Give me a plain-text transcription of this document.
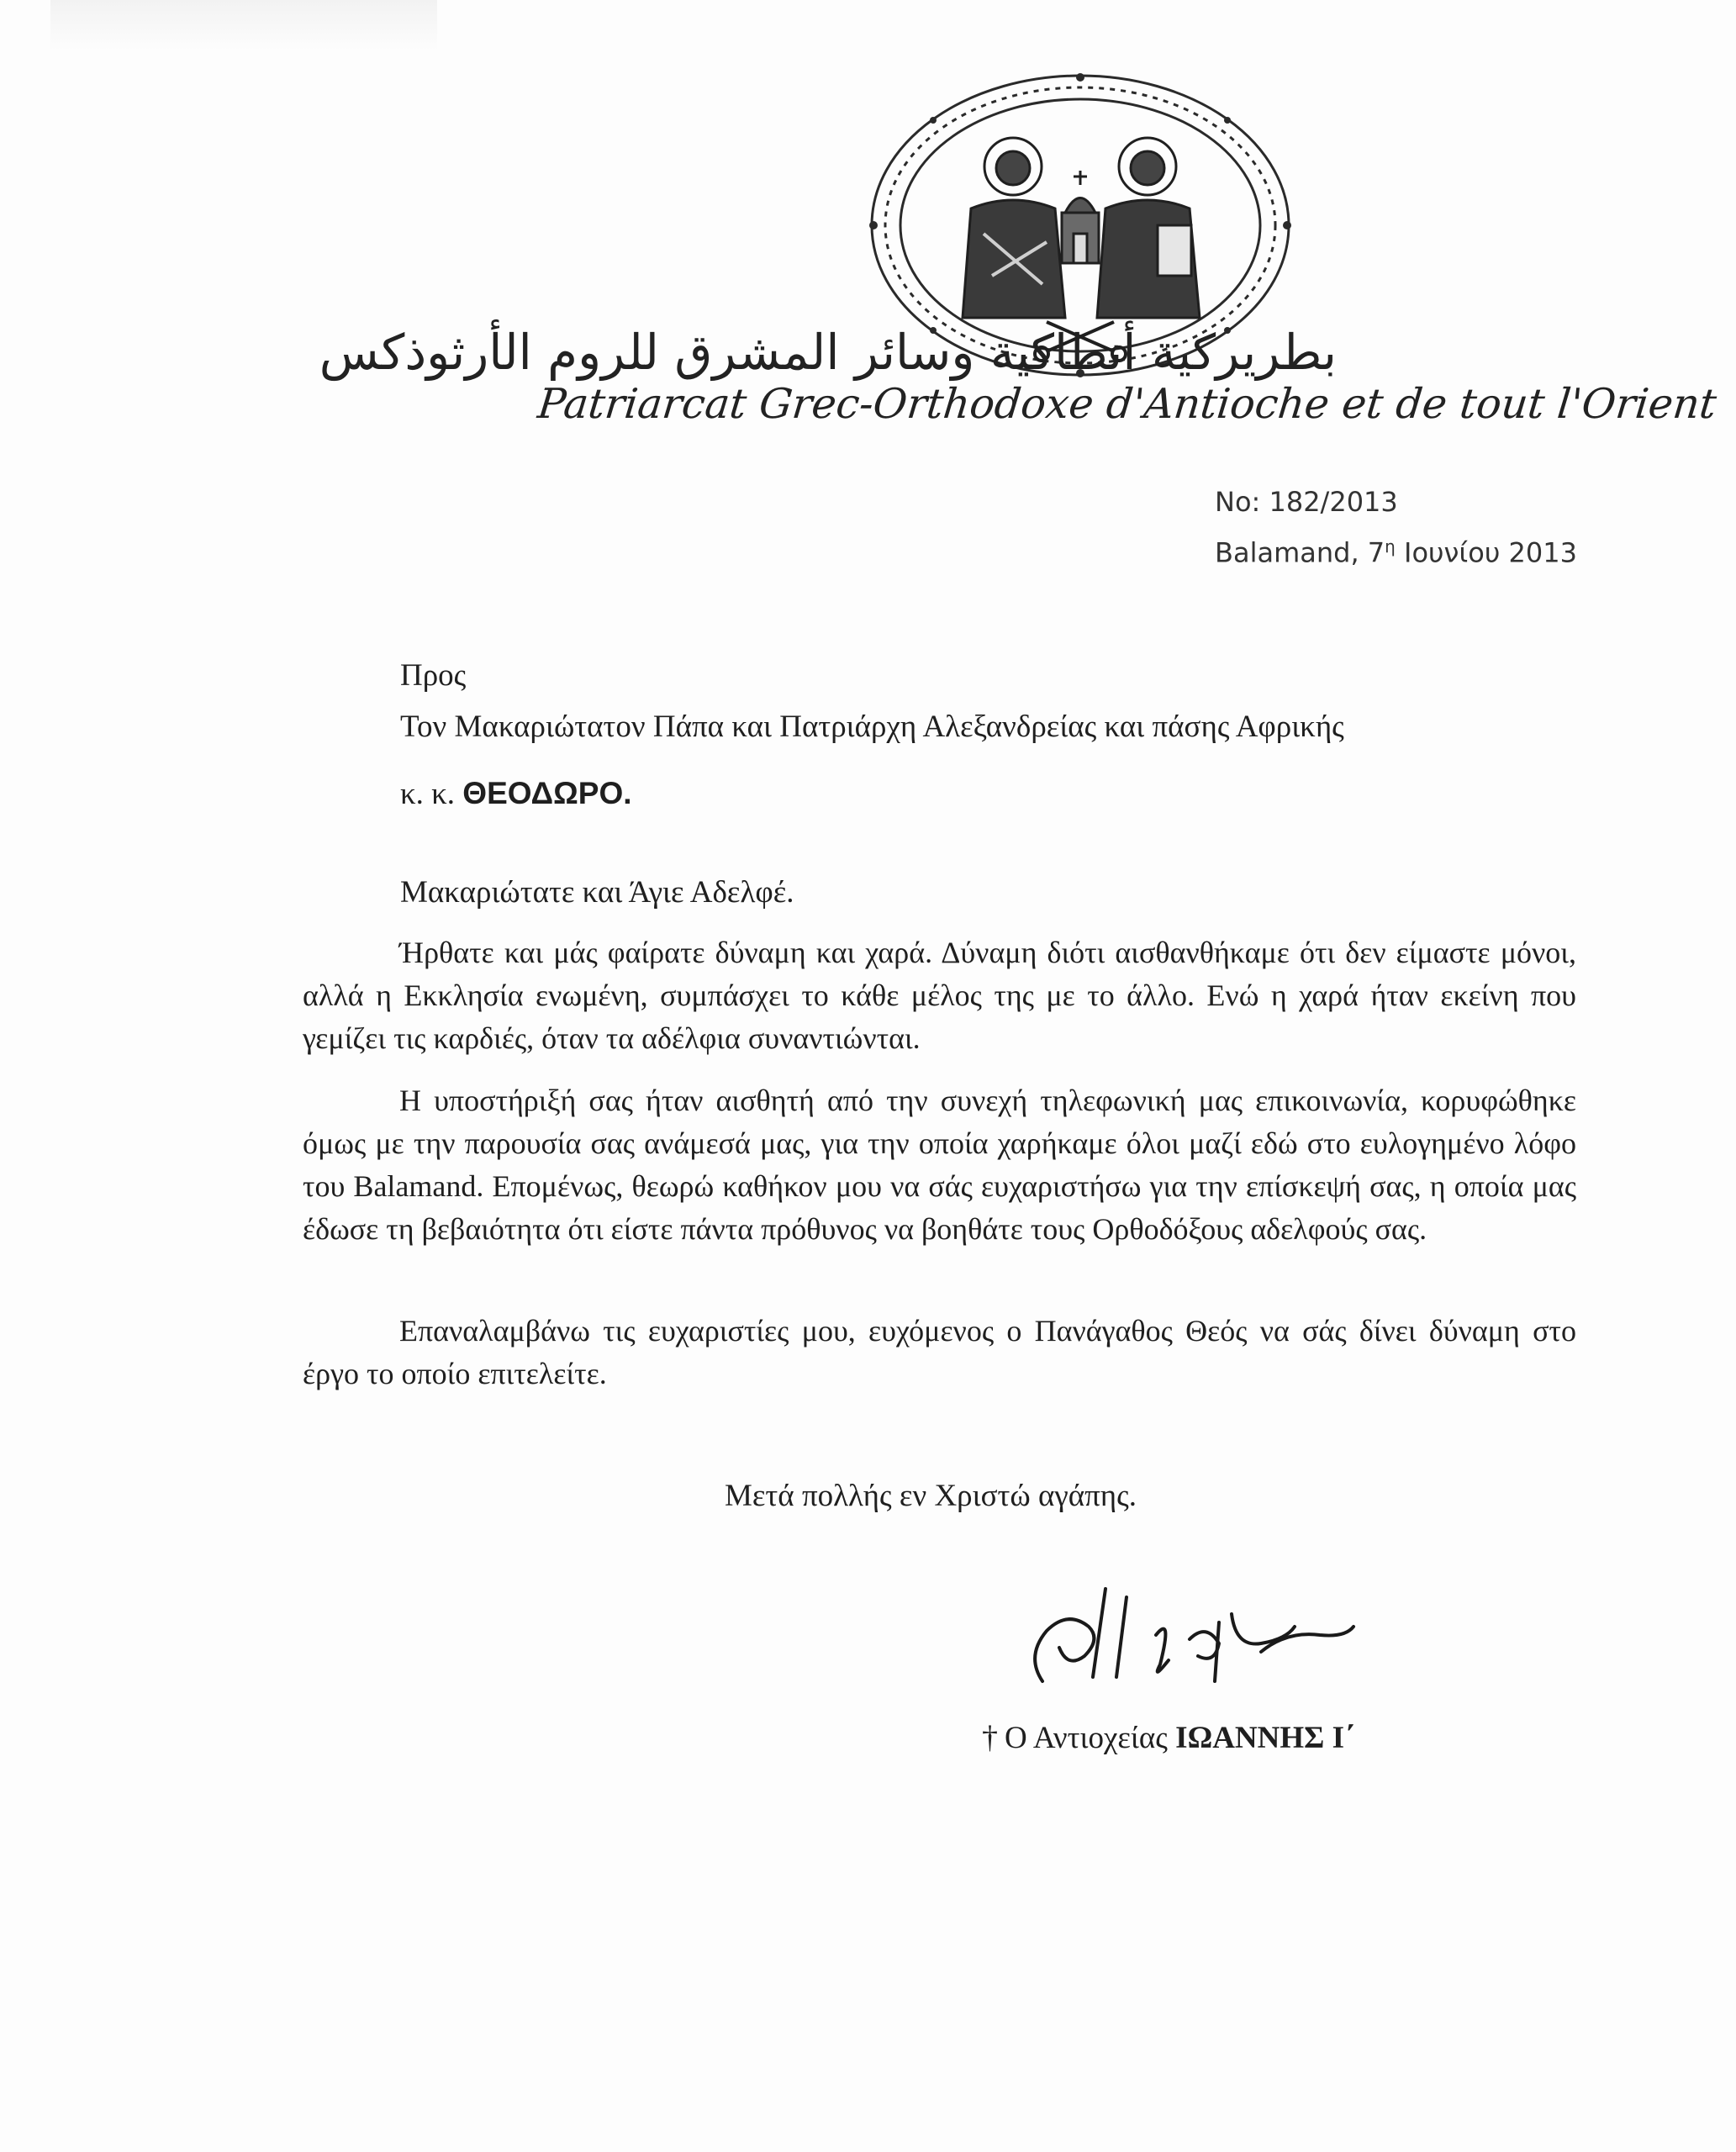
بطريركية أنطاكية وسائر المشرق للروم الأرثوذكس
Patriarcat Grec-Orthodoxe d'Antioche et de tout l'Orient
No: 182/2013
Balamand, $7^\eta$ Ιουνίου 2013
Προς
Τον Μακαριώτατον Πάπα και Πατριάρχη Αλεξανδρείας και πάσης Αφρικής
κ. κ. ΘΕΟΔΩΡΟ.
Μακαριώτατε και Άγιε Αδελφέ.
Ήρθατε και μάς φαίρατε δύναμη και χαρά. Δύναμη διότι αισθανθήκαμε ότι δεν είμαστε μόνοι, αλλά η Εκκλησία ενωμένη, συμπάσχει το κάθε μέλος της με το άλλο. Ενώ η χαρά ήταν εκείνη που γεμίζει τις καρδιές, όταν τα αδέλφια συναντιώνται.
Η υποστήριξή σας ήταν αισθητή από την συνεχή τηλεφωνική μας επικοινωνία, κορυφώθηκε όμως με την παρουσία σας ανάμεσά μας, για την οποία χαρήκαμε όλοι μαζί εδώ στο ευλογημένο λόφο του Balamand. Επομένως, θεωρώ καθήκον μου να σάς ευχαριστήσω για την επίσκεψή σας, η οποία μας έδωσε τη βεβαιότητα ότι είστε πάντα πρόθυνος να βοηθάτε τους Ορθοδόξους αδελφούς σας.
Επαναλαμβάνω τις ευχαριστίες μου, ευχόμενος ο Πανάγαθος Θεός να σάς δίνει δύναμη στο έργο το οποίο επιτελείτε.
Μετά πολλής εν Χριστώ αγάπης.
† Ο Αντιοχείας ΙΩΑΝΝΗΣ Ι΄
